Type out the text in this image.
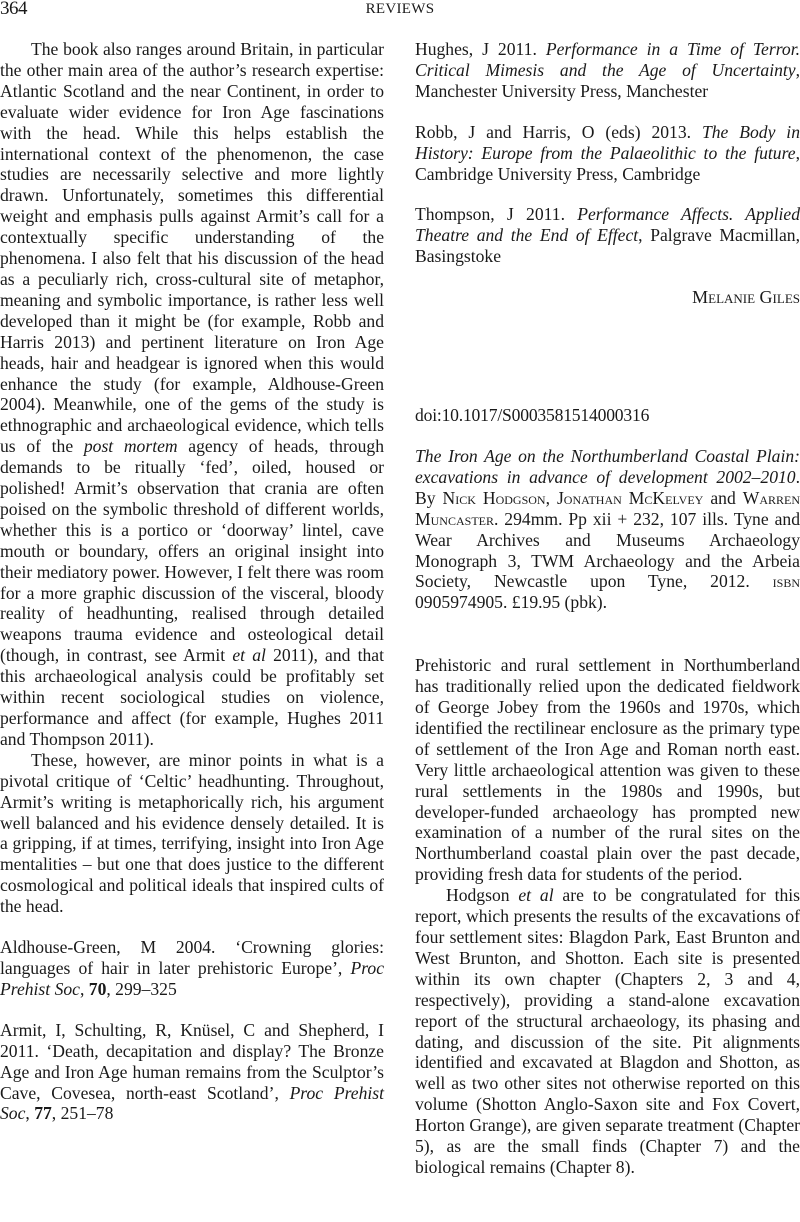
364	REVIEWS

The book also ranges around Britain, in particular the other main area of the author’s research expertise: Atlantic Scotland and the near Continent, in order to evaluate wider evidence for Iron Age fascinations with the head. While this helps establish the international context of the phenomenon, the case studies are necessarily selective and more lightly drawn. Unfortunately, sometimes this differential weight and emphasis pulls against Armit’s call for a contextually specific understanding of the phenomena. I also felt that his discussion of the head as a peculiarly rich, cross-cultural site of metaphor, meaning and symbolic importance, is rather less well developed than it might be (for example, Robb and Harris 2013) and pertinent literature on Iron Age heads, hair and headgear is ignored when this would enhance the study (for example, Aldhouse-Green 2004). Meanwhile, one of the gems of the study is ethnographic and archaeological evidence, which tells us of the post mortem agency of heads, through demands to be ritually ‘fed’, oiled, housed or polished! Armit’s observation that crania are often poised on the symbolic threshold of different worlds, whether this is a portico or ‘doorway’ lintel, cave mouth or boundary, offers an original insight into their mediatory power. However, I felt there was room for a more graphic discussion of the visceral, bloody reality of headhunting, realised through detailed weapons trauma evidence and osteological detail (though, in contrast, see Armit et al 2011), and that this archaeological analysis could be profitably set within recent sociological studies on violence, performance and affect (for example, Hughes 2011 and Thompson 2011).

These, however, are minor points in what is a pivotal critique of ‘Celtic’ headhunting. Throughout, Armit’s writing is metaphorically rich, his argument well balanced and his evidence densely detailed. It is a gripping, if at times, terrifying, insight into Iron Age mentalities – but one that does justice to the different cosmological and political ideals that inspired cults of the head.

Aldhouse-Green, M 2004. ‘Crowning glories: languages of hair in later prehistoric Europe’, Proc Prehist Soc, 70, 299–325

Armit, I, Schulting, R, Knüsel, C and Shepherd, I 2011. ‘Death, decapitation and display? The Bronze Age and Iron Age human remains from the Sculptor’s Cave, Covesea, north-east Scotland’, Proc Prehist Soc, 77, 251–78

Hughes, J 2011. Performance in a Time of Terror. Critical Mimesis and the Age of Uncertainty, Manchester University Press, Manchester

Robb, J and Harris, O (eds) 2013. The Body in History: Europe from the Palaeolithic to the future, Cambridge University Press, Cambridge

Thompson, J 2011. Performance Affects. Applied Theatre and the End of Effect, Palgrave Macmillan, Basingstoke

Melanie Giles

doi:10.1017/S0003581514000316

The Iron Age on the Northumberland Coastal Plain: excavations in advance of development 2002–2010. By Nick Hodgson, Jonathan McKelvey and Warren Muncaster. 294mm. Pp xii + 232, 107 ills. Tyne and Wear Archives and Museums Archaeology Monograph 3, TWM Archaeology and the Arbeia Society, Newcastle upon Tyne, 2012. isbn 0905974905. £19.95 (pbk).

Prehistoric and rural settlement in Northumberland has traditionally relied upon the dedicated fieldwork of George Jobey from the 1960s and 1970s, which identified the rectilinear enclosure as the primary type of settlement of the Iron Age and Roman north east. Very little archaeological attention was given to these rural settlements in the 1980s and 1990s, but developer-funded archaeology has prompted new examination of a number of the rural sites on the Northumberland coastal plain over the past decade, providing fresh data for students of the period.

Hodgson et al are to be congratulated for this report, which presents the results of the excavations of four settlement sites: Blagdon Park, East Brunton and West Brunton, and Shotton. Each site is presented within its own chapter (Chapters 2, 3 and 4, respectively), providing a stand-alone excavation report of the structural archaeology, its phasing and dating, and discussion of the site. Pit alignments identified and excavated at Blagdon and Shotton, as well as two other sites not otherwise reported on this volume (Shotton Anglo-Saxon site and Fox Covert, Horton Grange), are given separate treatment (Chapter 5), as are the small finds (Chapter 7) and the biological remains (Chapter 8).
